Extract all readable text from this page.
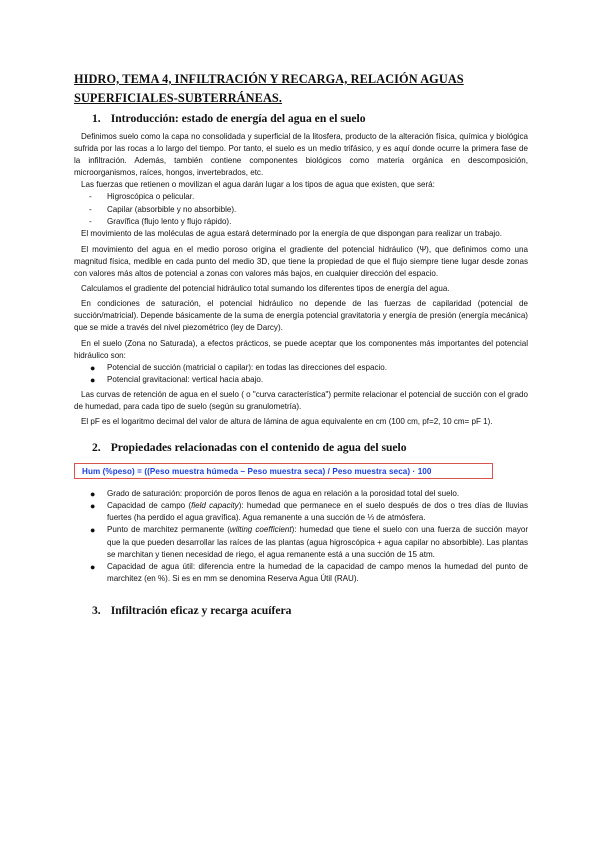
HIDRO, TEMA 4, INFILTRACIÓN Y RECARGA, RELACIÓN AGUAS SUPERFICIALES-SUBTERRÁNEAS.
1. Introducción: estado de energía del agua en el suelo

Definimos suelo como la capa no consolidada y superficial de la litosfera, producto de la alteración física, química y biológica sufrida por las rocas a lo largo del tiempo. Por tanto, el suelo es un medio trifásico, y es aquí donde ocurre la primera fase de la infiltración. Además, también contiene componentes biológicos como materia orgánica en descomposición, microorganismos, raíces, hongos, invertebrados, etc.

Las fuerzas que retienen o movilizan el agua darán lugar a los tipos de agua que existen, que será:

- Higroscópica o pelicular.
- Capilar (absorbible y no absorbible).
- Gravífica (flujo lento y flujo rápido).

El movimiento de las moléculas de agua estará determinado por la energía de que dispongan para realizar un trabajo.

El movimiento del agua en el medio poroso origina el gradiente del potencial hidráulico (Ψ), que definimos como una magnitud física, medible en cada punto del medio 3D, que tiene la propiedad de que el flujo siempre tiene lugar desde zonas con valores más altos de potencial a zonas con valores más bajos, en cualquier dirección del espacio.

Calculamos el gradiente del potencial hidráulico total sumando los diferentes tipos de energía del agua.

En condiciones de saturación, el potencial hidráulico no depende de las fuerzas de capilaridad (potencial de succión/matricial). Depende básicamente de la suma de energía potencial gravitatoria y energía de presión (energía mecánica) que se mide a través del nivel piezométrico (ley de Darcy).

En el suelo (Zona no Saturada), a efectos prácticos, se puede aceptar que los componentes más importantes del potencial hidráulico son:

● Potencial de succión (matricial o capilar): en todas las direcciones del espacio.
● Potencial gravitacional: vertical hacia abajo.

Las curvas de retención de agua en el suelo ( o "curva característica") permite relacionar el potencial de succión con el grado de humedad, para cada tipo de suelo (según su granulometría).

El pF es el logaritmo decimal del valor de altura de lámina de agua equivalente en cm (100 cm, pf=2, 10 cm= pF 1).

2. Propiedades relacionadas con el contenido de agua del suelo
Hum (%peso) = ((Peso muestra húmeda – Peso muestra seca) / Peso muestra seca) · 100
● Grado de saturación: proporción de poros llenos de agua en relación a la porosidad total del suelo.
● Capacidad de campo (field capacity): humedad que permanece en el suelo después de dos o tres días de lluvias fuertes (ha perdido el agua gravífica). Agua remanente a una succión de ⅓ de atmósfera.
● Punto de marchitez permanente (wilting coefficient): humedad que tiene el suelo con una fuerza de succión mayor que la que pueden desarrollar las raíces de las plantas (agua higroscópica + agua capilar no absorbible). Las plantas se marchitan y tienen necesidad de riego, el agua remanente está a una succión de 15 atm.
● Capacidad de agua útil: diferencia entre la humedad de la capacidad de campo menos la humedad del punto de marchitez (en %). Si es en mm se denomina Reserva Agua Útil (RAU).
3. Infiltración eficaz y recarga acuífera
